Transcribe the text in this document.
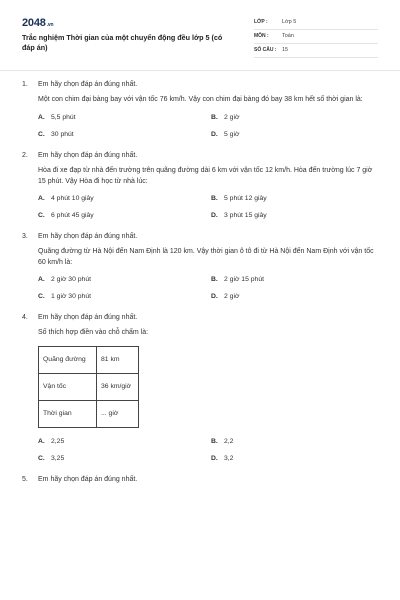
2048.vn
Trắc nghiệm Thời gian của một chuyển động đều lớp 5 (có đáp án)
LỚP :	Lớp 5
MÔN :	Toán
SỐ CÂU :	15
1.	Em hãy chọn đáp án đúng nhất.
Một con chim đại bàng bay với vận tốc 76 km/h. Vậy con chim đại bàng đó bay 38 km hết số thời gian là:
A. 5,5 phút	B. 2 giờ
C. 30 phút	D. 5 giờ
2.	Em hãy chọn đáp án đúng nhất.
Hòa đi xe đạp từ nhà đến trường trên quãng đường dài 6 km với vận tốc 12 km/h. Hòa đến trường lúc 7 giờ 15 phút. Vậy Hòa đi học từ nhà lúc:
A. 4 phút 10 giây	B. 5 phút 12 giây
C. 6 phút 45 giây	D. 3 phút 15 giây
3.	Em hãy chọn đáp án đúng nhất.
Quãng đường từ Hà Nội đến Nam Định là 120 km. Vậy thời gian ô tô đi từ Hà Nội đến Nam Định với vận tốc 60 km/h là:
A. 2 giờ 30 phút	B. 2 giờ 15 phút
C. 1 giờ 30 phút	D. 2 giờ
4.	Em hãy chọn đáp án đúng nhất.
Số thích hợp điền vào chỗ chấm là:
Quãng đường	81 km
Vận tốc	36 km/giờ
Thời gian	... giờ
A. 2,25	B. 2,2
C. 3,25	D. 3,2
5.	Em hãy chọn đáp án đúng nhất.
